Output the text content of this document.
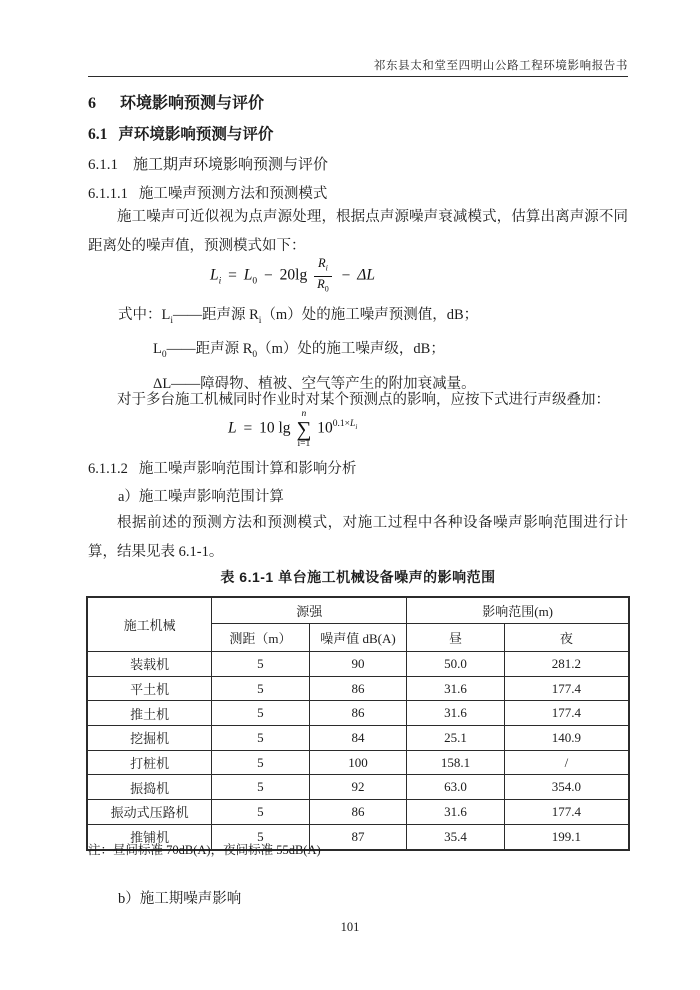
祁东县太和堂至四明山公路工程环境影响报告书
6 环境影响预测与评价
6.1 声环境影响预测与评价
6.1.1 施工期声环境影响预测与评价
6.1.1.1 施工噪声预测方法和预测模式
施工噪声可近似视为点声源处理，根据点声源噪声衰减模式，估算出离声源不同
距离处的噪声值，预测模式如下：
$L_i = L_0 - 20\lg \frac{R_i}{R_0} - \Delta L$
式中：$L_i——$距声源 $R_i(m)$处的施工噪声预测值，dB；
$L_0——$距声源 $R_0(m)$处的施工噪声级，dB；
ΔL——障碍物、植被、空气等产生的附加衰减量。
对于多台施工机械同时作业时对某个预测点的影响，应按下式进行声级叠加：
L = 10 lg
n
∑
i=1
$10^{0.1\times L_i}$
6.1.1.2 施工噪声影响范围计算和影响分析
a）施工噪声影响范围计算
根据前述的预测方法和预测模式，对施工过程中各种设备噪声影响范围进行计
算，结果见表 6.1-1。
表 6.1-1 单台施工机械设备噪声的影响范围
施工机械	源强		影响范围(m)	
	测距（m）	噪声值 dB(A)	昼	夜
装载机	5	90	50.0	281.2
平土机	5	86	31.6	177.4
推土机	5	86	31.6	177.4
挖掘机	5	84	25.1	140.9
打桩机	5	100	158.1	/
振捣机	5	92	63.0	354.0
振动式压路机	5	86	31.6	177.4
推铺机	5	87	35.4	199.1
注：昼间标准 70dB(A)，夜间标准 55dB(A)
b）施工期噪声影响
101
